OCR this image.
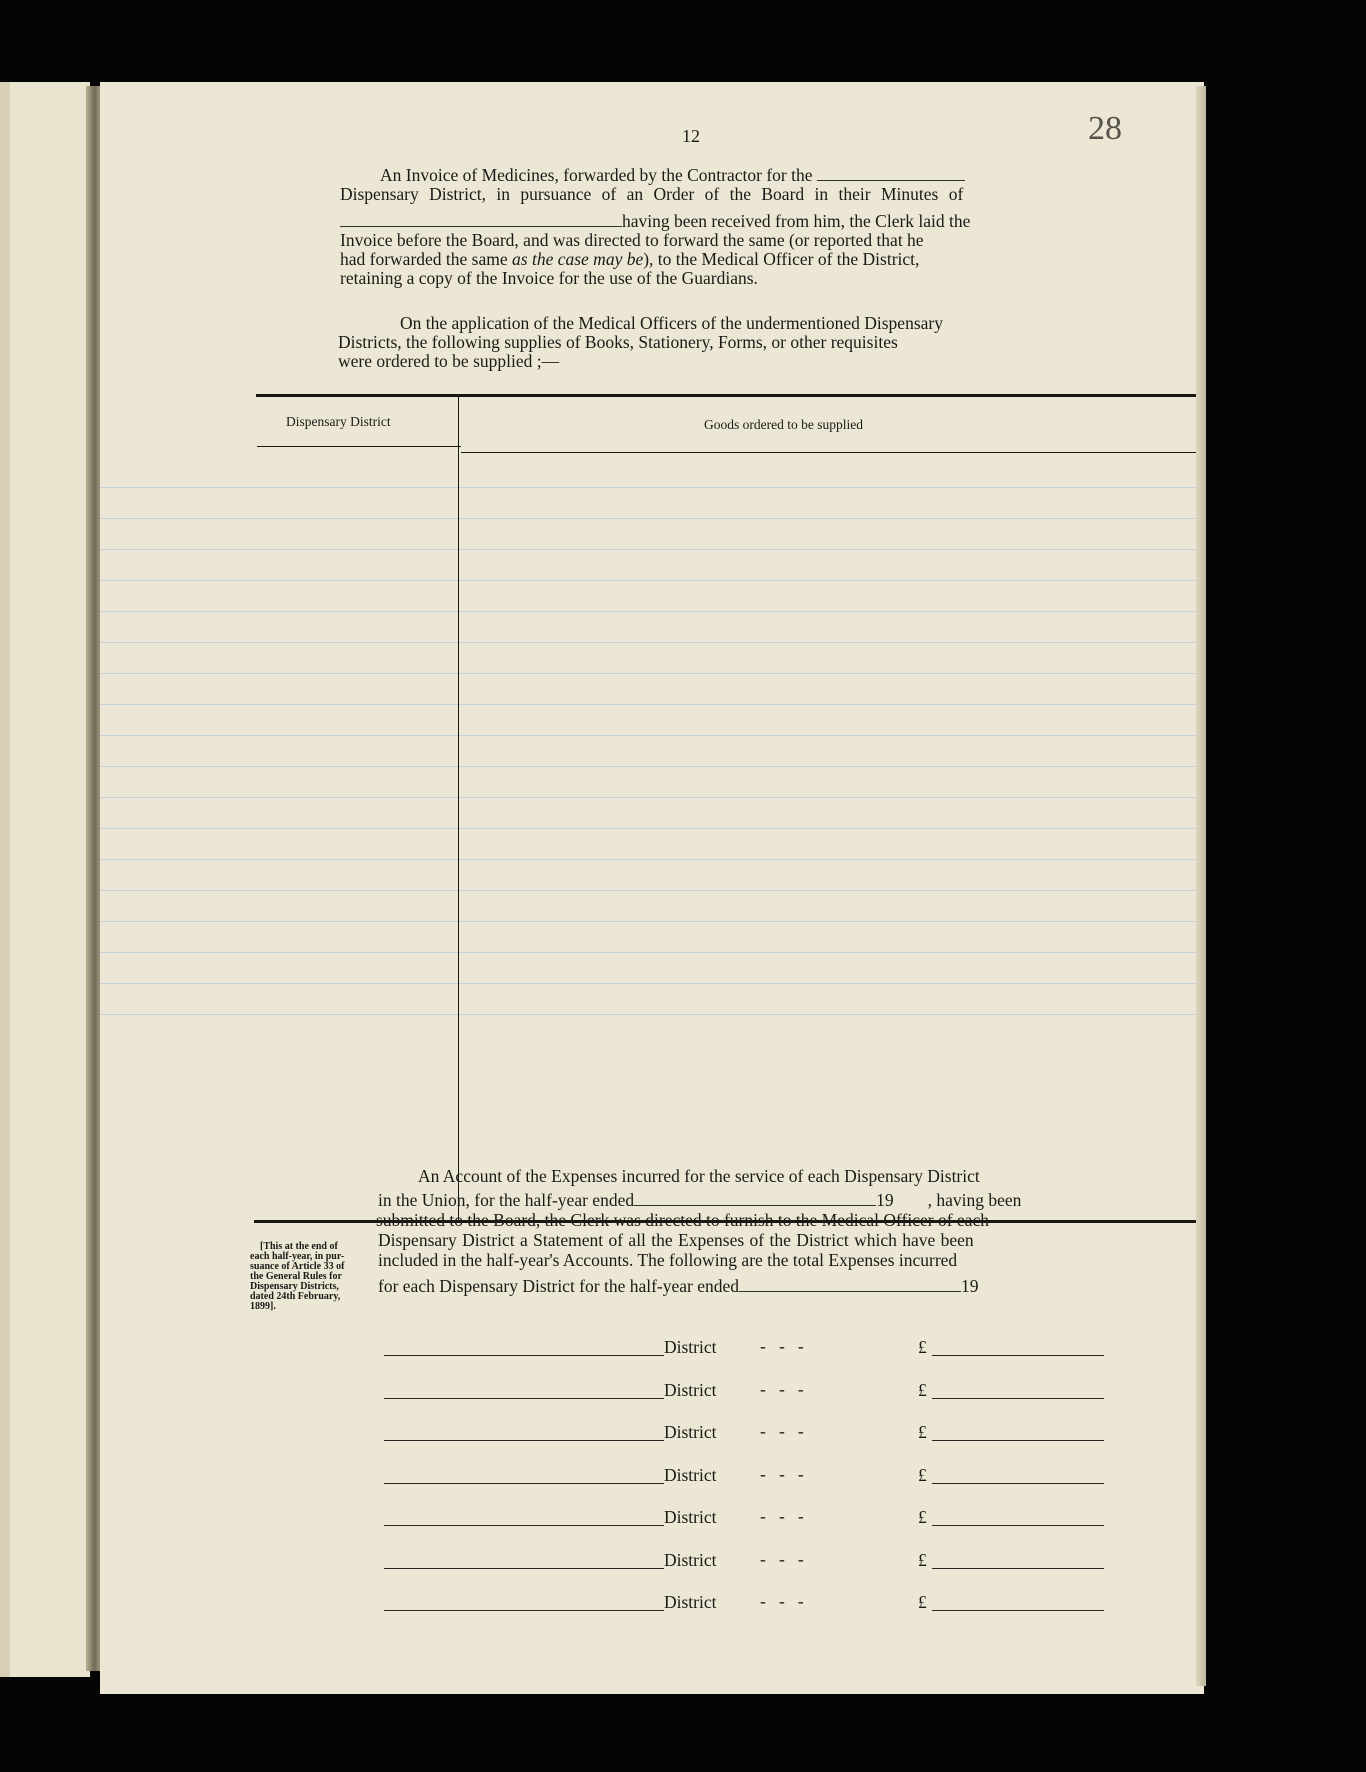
12	28
An Invoice of Medicines, forwarded by the Contractor for the
Dispensary District, in pursuance of an Order of the Board in their Minutes of
having been received from him, the Clerk laid the
Invoice before the Board, and was directed to forward the same (or reported that he
had forwarded the same as the case may be), to the Medical Officer of the District,
retaining a copy of the Invoice for the use of the Guardians.
On the application of the Medical Officers of the undermentioned Dispensary
Districts, the following supplies of Books, Stationery, Forms, or other requisites
were ordered to be supplied ;—
Dispensary District	Goods ordered to be supplied
[This at the end of
each half-year, in pur-
suance of Article 33 of
the General Rules for
Dispensary Districts,
dated 24th February,
1899].
An Account of the Expenses incurred for the service of each Dispensary District
in the Union, for the half-year ended	19 , having been
submitted to the Board, the Clerk was directed to furnish to the Medical Officer of each
Dispensary District a Statement of all the Expenses of the District which have been
included in the half-year's Accounts. The following are the total Expenses incurred
for each Dispensary District for the half-year ended	19
District -   -   -	£
District -   -   -	£
District -   -   -	£
District -   -   -	£
District -   -   -	£
District -   -   -	£
District -   -   -	£
